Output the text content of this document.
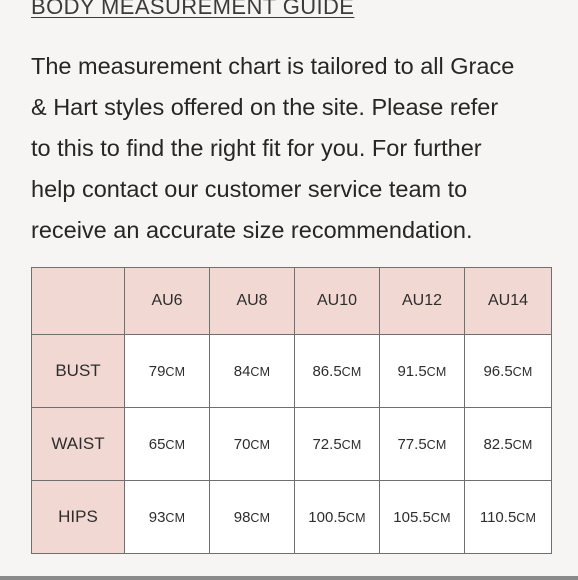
BODY MEASUREMENT GUIDE

The measurement chart is tailored to all Grace
& Hart styles offered on the site. Please refer
to this to find the right fit for you. For further
help contact our customer service team to
receive an accurate size recommendation.

	AU6	AU8	AU10	AU12	AU14
BUST	79CM	84CM	86.5CM	91.5CM	96.5CM
WAIST	65CM	70CM	72.5CM	77.5CM	82.5CM
HIPS	93CM	98CM	100.5CM	105.5CM	110.5CM
